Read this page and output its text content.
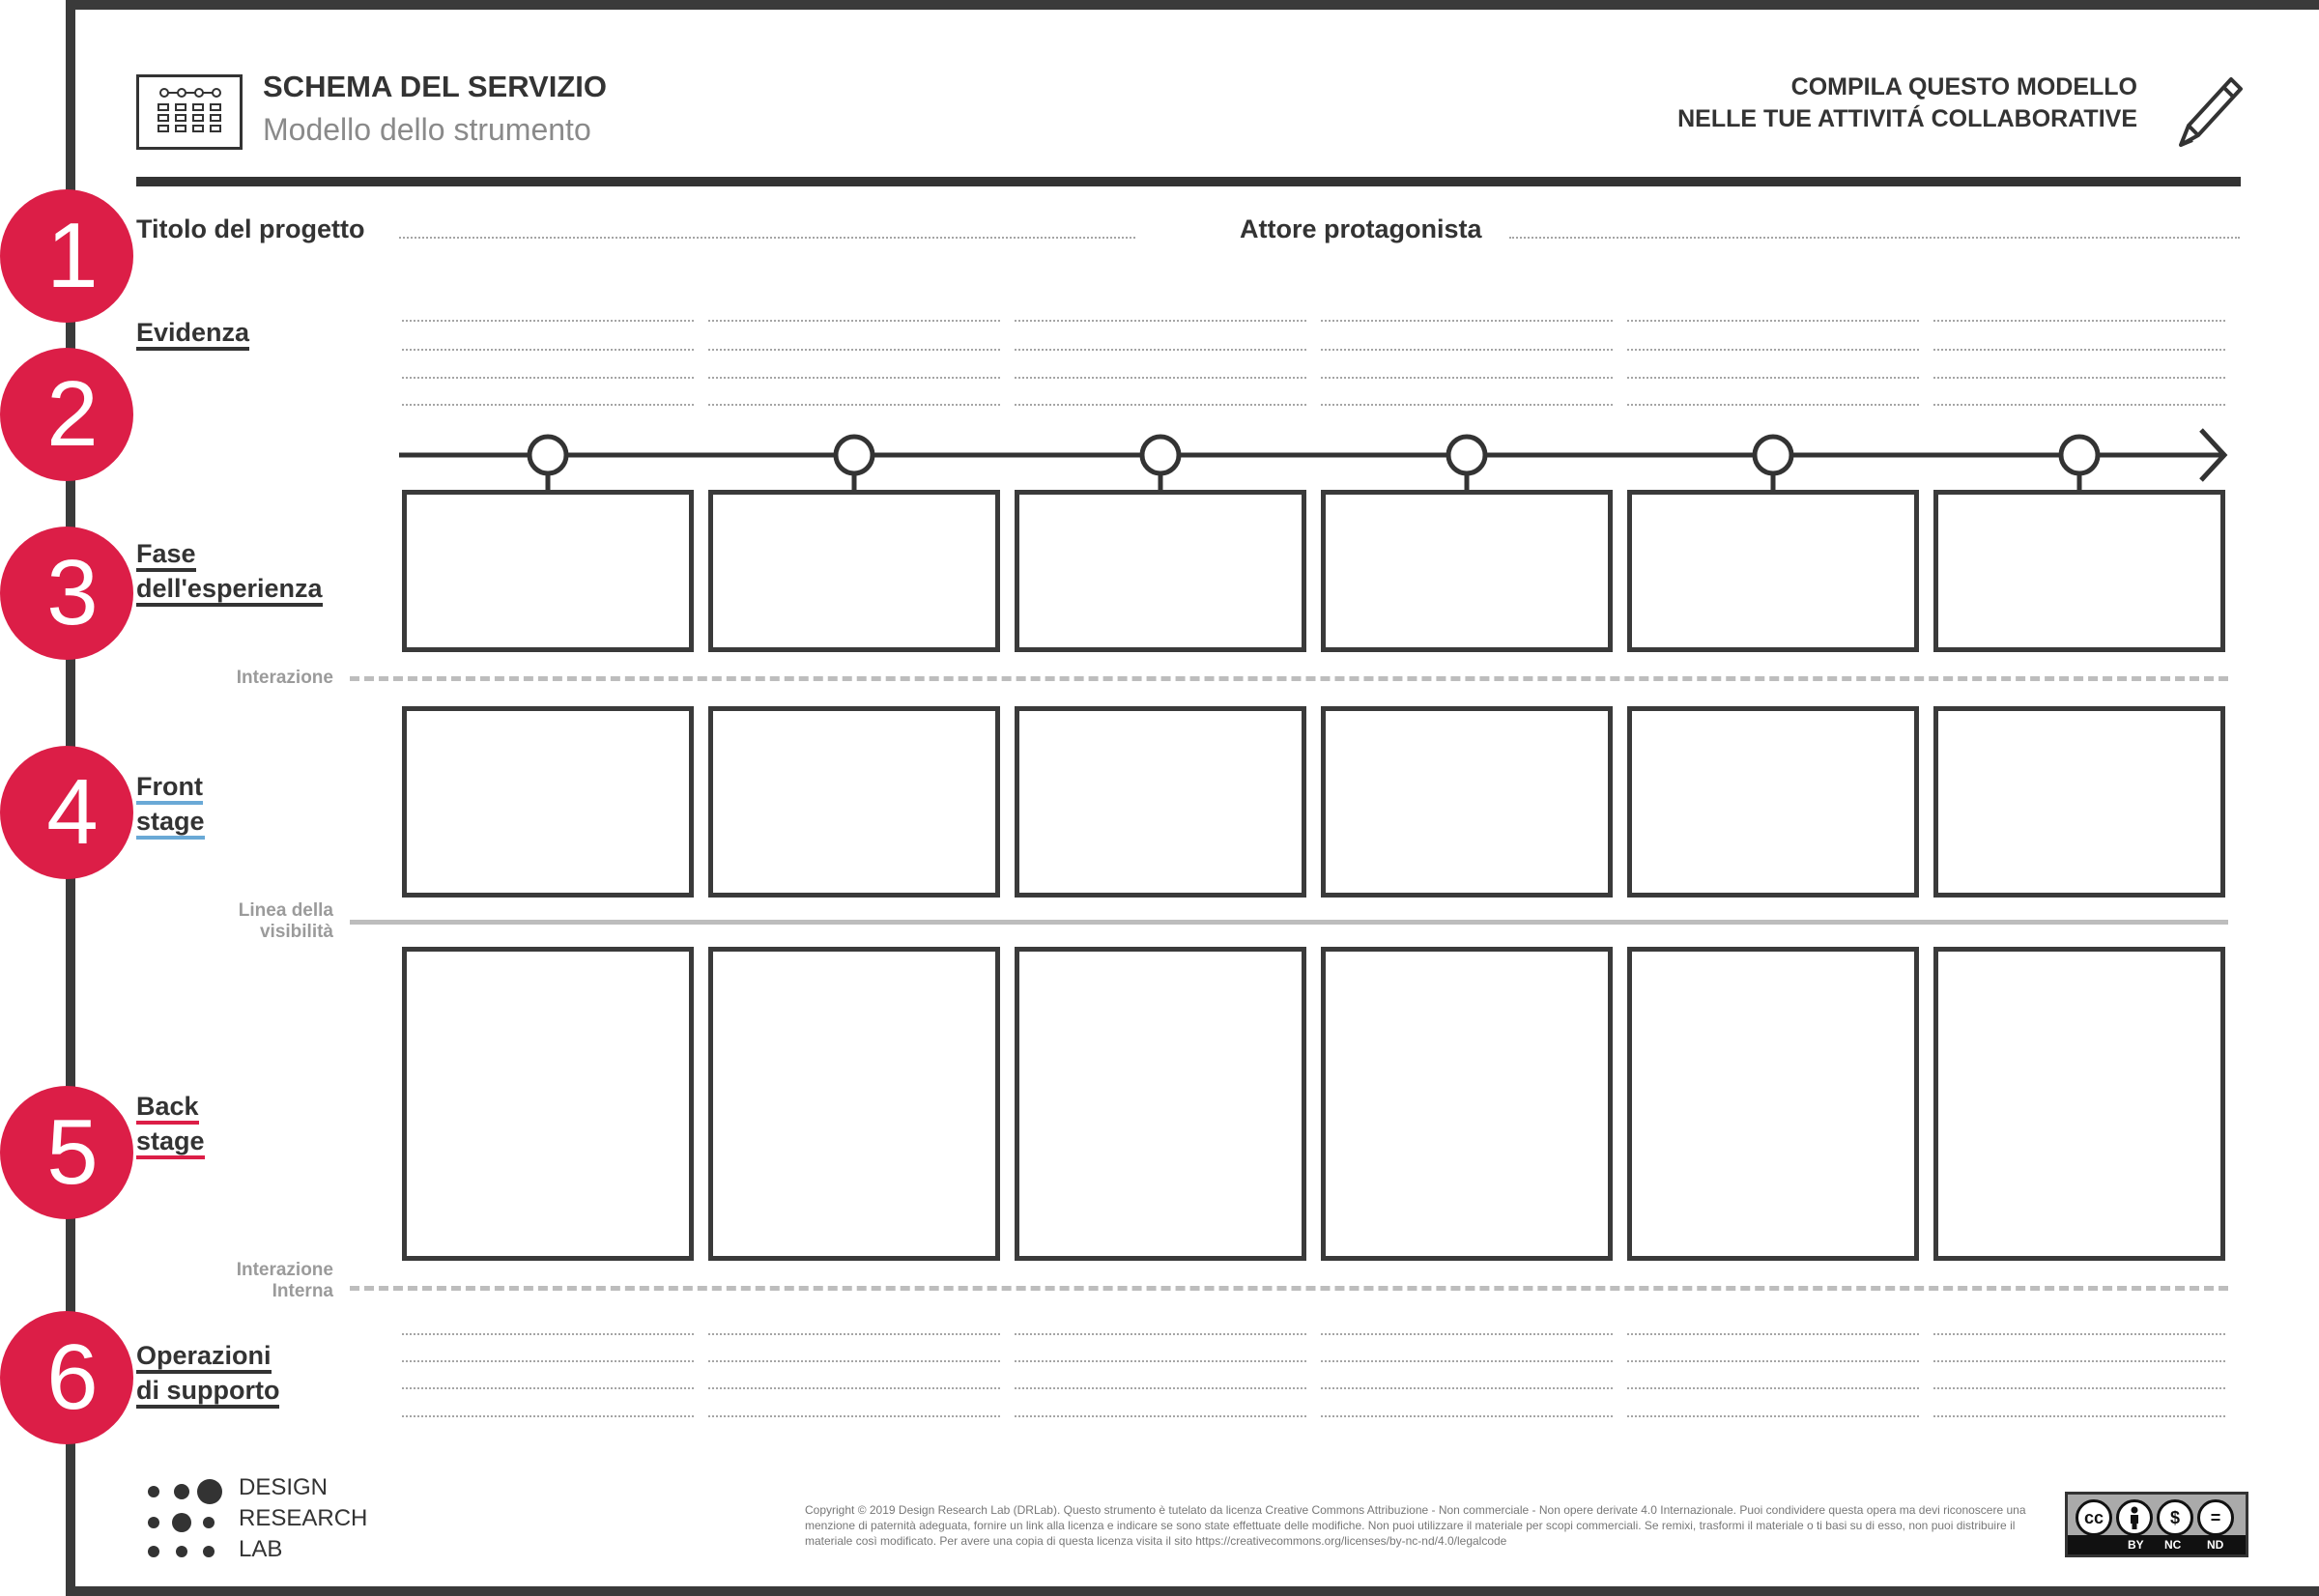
SCHEMA DEL SERVIZIO
Modello dello strumento
COMPILA QUESTO MODELLO
NELLE TUE ATTIVITÁ COLLABORATIVE
1
2
3
4
5
6
Titolo del progetto	Attore protagonista
Evidenza
Fase
dell'esperienza
Front
stage
Back
stage
Operazioni
di supporto
Interazione
Linea della
visibilità
Interazione
Interna
DESIGN
RESEARCH
LAB
Copyright © 2019 Design Research Lab (DRLab). Questo strumento è tutelato da licenza Creative Commons Attribuzione - Non commerciale - Non opere derivate 4.0 Internazionale. Puoi condividere questa opera ma devi riconoscere una menzione di paternità adeguata, fornire un link alla licenza e indicare se sono state effettuate delle modifiche. Non puoi utilizzare il materiale per scopi commerciali. Se remixi, trasformi il materiale o ti basi su di esso, non puoi distribuire il materiale così modificato. Per avere una copia di questa licenza visita il sito https://creativecommons.org/licenses/by-nc-nd/4.0/legalcode
cc	$	=
BY NC ND
